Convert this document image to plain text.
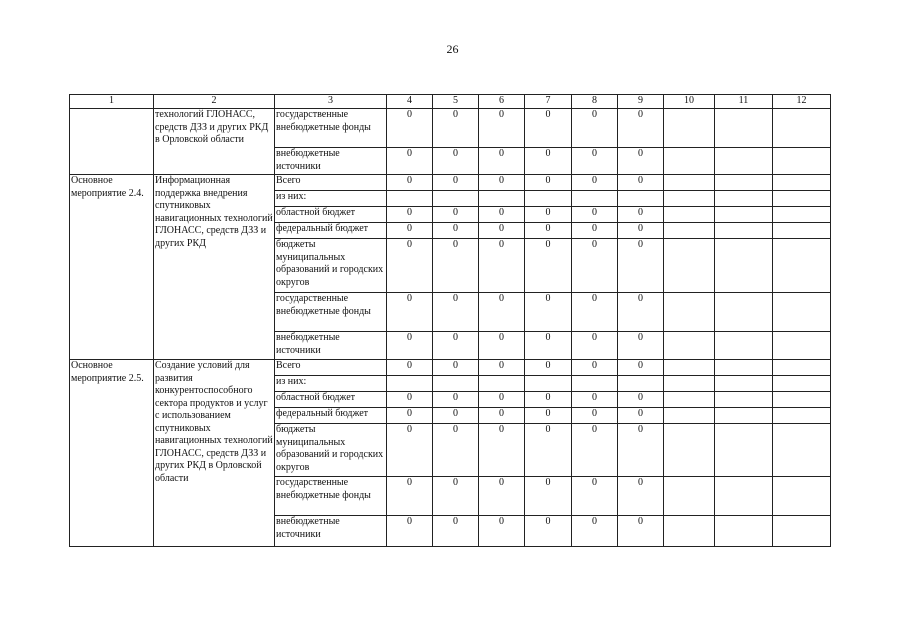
26
1	2	3	4	5	6	7	8	9	10	11	12
	технологий ГЛОНАСС, средств ДЗЗ и других РКД в Орловской области	государственные внебюджетные фонды	0	0	0	0	0	0			
		внебюджетные источники	0	0	0	0	0	0			
Основное мероприятие 2.4.	Информационная поддержка внедрения спутниковых навигационных технологий ГЛОНАСС, средств ДЗЗ и других РКД	Всего	0	0	0	0	0	0			
		из них:									
		областной бюджет	0	0	0	0	0	0			
		федеральный бюджет	0	0	0	0	0	0			
		бюджеты муниципальных образований и городских округов	0	0	0	0	0	0			
		государственные внебюджетные фонды	0	0	0	0	0	0			
		внебюджетные источники	0	0	0	0	0	0			
Основное мероприятие 2.5.	Создание условий для развития конкурентоспособного сектора продуктов и услуг с использованием спутниковых навигационных технологий ГЛОНАСС, средств ДЗЗ и других РКД в Орловской области	Всего	0	0	0	0	0	0			
		из них:									
		областной бюджет	0	0	0	0	0	0			
		федеральный бюджет	0	0	0	0	0	0			
		бюджеты муниципальных образований и городских округов	0	0	0	0	0	0			
		государственные внебюджетные фонды	0	0	0	0	0	0			
		внебюджетные источники	0	0	0	0	0	0			
